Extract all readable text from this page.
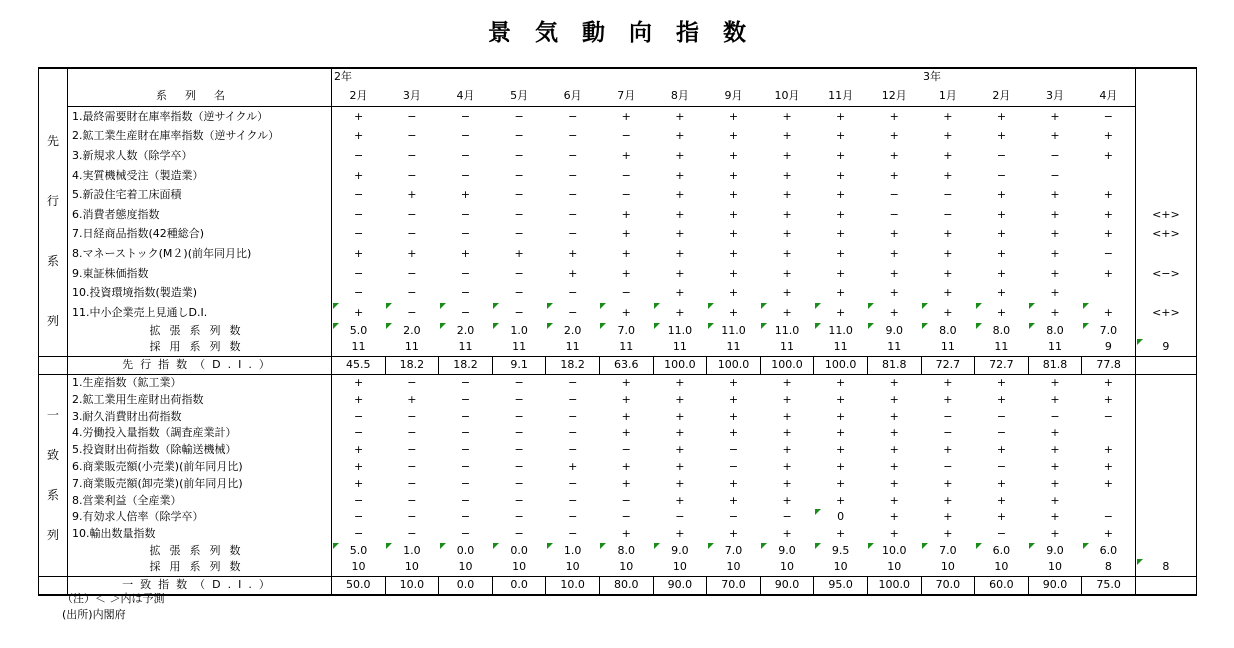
景気動向指数
		2年											3年				
	系列名	2月	3月	4月	5月	6月	7月	8月	9月	10月	11月	12月	1月	2月	3月	4月	

先
行
系
列	1.最終需要財在庫率指数（逆サイクル）	+	−	−	−	−	+	+	+	+	+	+	+	+	+	−	
	2.鉱工業生産財在庫率指数（逆サイクル）	+	−	−	−	−	−	+	+	+	+	+	+	+	+	+	
	3.新規求人数（除学卒）	−	−	−	−	−	+	+	+	+	+	+	+	−	−	+	
	4.実質機械受注（製造業）	+	−	−	−	−	−	+	+	+	+	+	+	−	−		
	5.新設住宅着工床面積	−	+	+	−	−	−	+	+	+	+	−	−	+	+	+	
	6.消費者態度指数	−	−	−	−	−	+	+	+	+	+	−	−	+	+	+	<+>
	7.日経商品指数(42種総合)	−	−	−	−	−	+	+	+	+	+	+	+	+	+	+	<+>
	8.マネーストック(M２)(前年同月比)	+	+	+	+	+	+	+	+	+	+	+	+	+	+	−	
	9.東証株価指数	−	−	−	−	+	+	+	+	+	+	+	+	+	+	+	<−>
	10.投資環境指数(製造業)	−	−	−	−	−	−	+	+	+	+	+	+	+	+		
	11.中小企業売上見通しD.I.	+	−	−	−	−	+	+	+	+	+	+	+	+	+	+	<+>
	拡張系列数	5.0	2.0	2.0	1.0	2.0	7.0	11.0	11.0	11.0	11.0	9.0	8.0	8.0	8.0	7.0	
	採用系列数	11	11	11	11	11	11	11	11	11	11	11	11	11	11	9	9
	先行指数（D.I.）	45.5	18.2	18.2	9.1	18.2	63.6	100.0	100.0	100.0	100.0	81.8	72.7	72.7	81.8	77.8	

一
致
系
列	1.生産指数（鉱工業）	+	−	−	−	−	+	+	+	+	+	+	+	+	+	+	
	2.鉱工業用生産財出荷指数	+	+	−	−	−	+	+	+	+	+	+	+	+	+	+	
	3.耐久消費財出荷指数	−	−	−	−	−	+	+	+	+	+	+	−	−	−	−	
	4.労働投入量指数（調査産業計）	−	−	−	−	−	+	+	+	+	+	+	−	−	+		
	5.投資財出荷指数（除輸送機械）	+	−	−	−	−	−	+	−	+	+	+	+	+	+	+	
	6.商業販売額(小売業)(前年同月比)	+	−	−	−	+	+	+	−	+	+	+	−	−	+	+	
	7.商業販売額(卸売業)(前年同月比)	+	−	−	−	−	+	+	+	+	+	+	+	+	+	+	
	8.営業利益（全産業）	−	−	−	−	−	−	+	+	+	+	+	+	+	+		
	9.有効求人倍率（除学卒）	−	−	−	−	−	−	−	−	−	0	+	+	+	+	−	
	10.輸出数量指数	−	−	−	−	−	+	+	+	+	+	+	+	−	+	+	
	拡張系列数	5.0	1.0	0.0	0.0	1.0	8.0	9.0	7.0	9.0	9.5	10.0	7.0	6.0	9.0	6.0	
	採用系列数	10	10	10	10	10	10	10	10	10	10	10	10	10	10	8	8
	一致指数（D.I.）	50.0	10.0	0.0	0.0	10.0	80.0	90.0	70.0	90.0	95.0	100.0	70.0	60.0	90.0	75.0	
（注）＜ ＞内は予測
(出所)内閣府
